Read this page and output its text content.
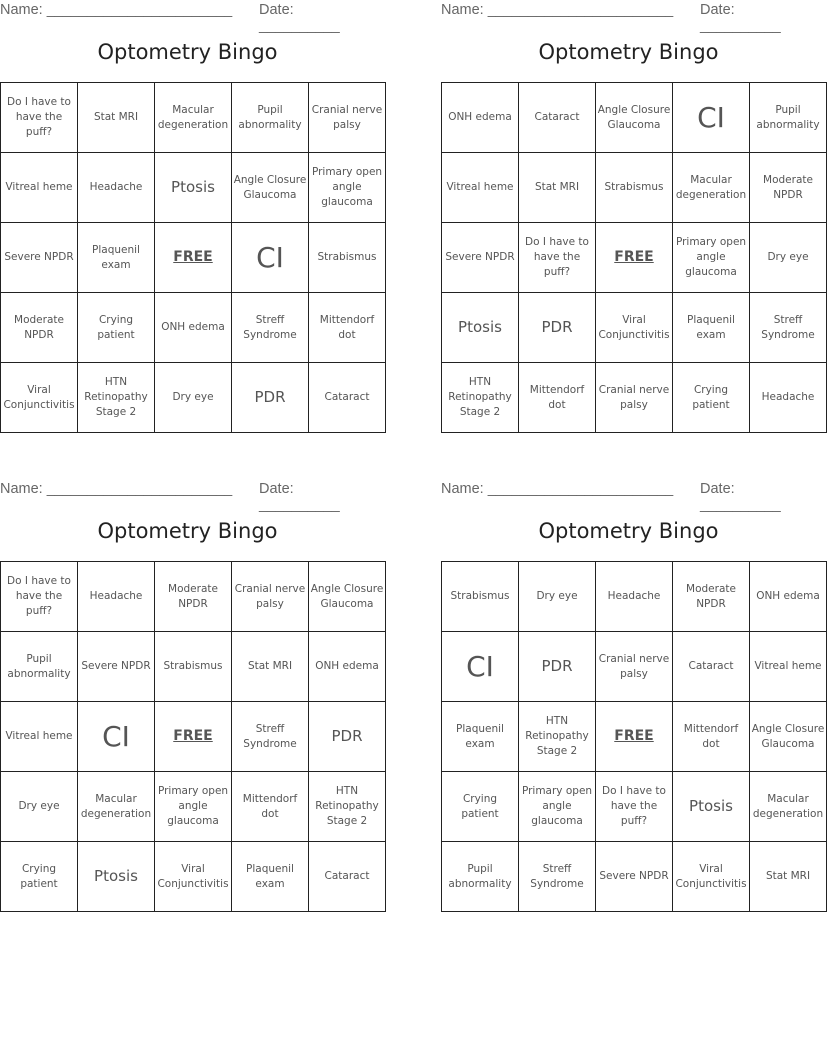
Name: _______________________ Date: __________
Optometry Bingo
Do I have to have the puff?	Stat MRI	Macular degeneration	Pupil abnormality	Cranial nerve palsy
Vitreal heme	Headache	Ptosis	Angle Closure Glaucoma	Primary open angle glaucoma
Severe NPDR	Plaquenil exam	FREE	CI	Strabismus
Moderate NPDR	Crying patient	ONH edema	Streff Syndrome	Mittendorf dot
Viral Conjunctivitis	HTN Retinopathy Stage 2	Dry eye	PDR	Cataract
Name: _______________________ Date: __________
Optometry Bingo
ONH edema	Cataract	Angle Closure Glaucoma	CI	Pupil abnormality
Vitreal heme	Stat MRI	Strabismus	Macular degeneration	Moderate NPDR
Severe NPDR	Do I have to have the puff?	FREE	Primary open angle glaucoma	Dry eye
Ptosis	PDR	Viral Conjunctivitis	Plaquenil exam	Streff Syndrome
HTN Retinopathy Stage 2	Mittendorf dot	Cranial nerve palsy	Crying patient	Headache
Name: _______________________ Date: __________
Optometry Bingo
Do I have to have the puff?	Headache	Moderate NPDR	Cranial nerve palsy	Angle Closure Glaucoma
Pupil abnormality	Severe NPDR	Strabismus	Stat MRI	ONH edema
Vitreal heme	CI	FREE	Streff Syndrome	PDR
Dry eye	Macular degeneration	Primary open angle glaucoma	Mittendorf dot	HTN Retinopathy Stage 2
Crying patient	Ptosis	Viral Conjunctivitis	Plaquenil exam	Cataract
Name: _______________________ Date: __________
Optometry Bingo
Strabismus	Dry eye	Headache	Moderate NPDR	ONH edema
CI	PDR	Cranial nerve palsy	Cataract	Vitreal heme
Plaquenil exam	HTN Retinopathy Stage 2	FREE	Mittendorf dot	Angle Closure Glaucoma
Crying patient	Primary open angle glaucoma	Do I have to have the puff?	Ptosis	Macular degeneration
Pupil abnormality	Streff Syndrome	Severe NPDR	Viral Conjunctivitis	Stat MRI
